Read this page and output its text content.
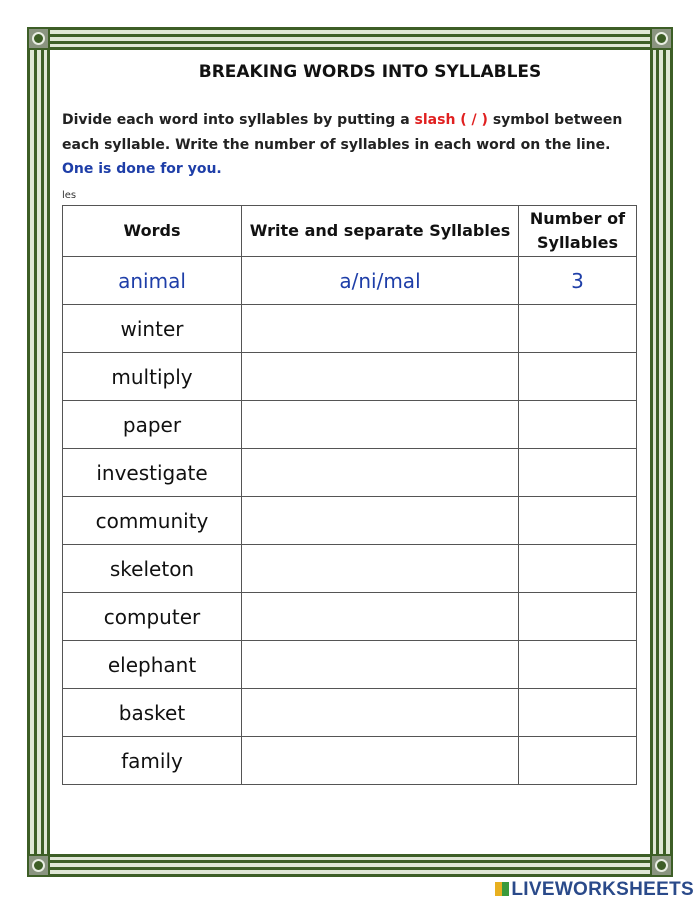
BREAKING WORDS INTO SYLLABLES
Divide each word into syllables by putting a slash ( / ) symbol between each syllable. Write the number of syllables in each word on the line.
One is done for you.
les
Words	Write and separate Syllables	Number of Syllables
animal	a/ni/mal	3
winter		
multiply		
paper		
investigate		
community		
skeleton		
computer		
elephant		
basket		
family		
LIVEWORKSHEETS
